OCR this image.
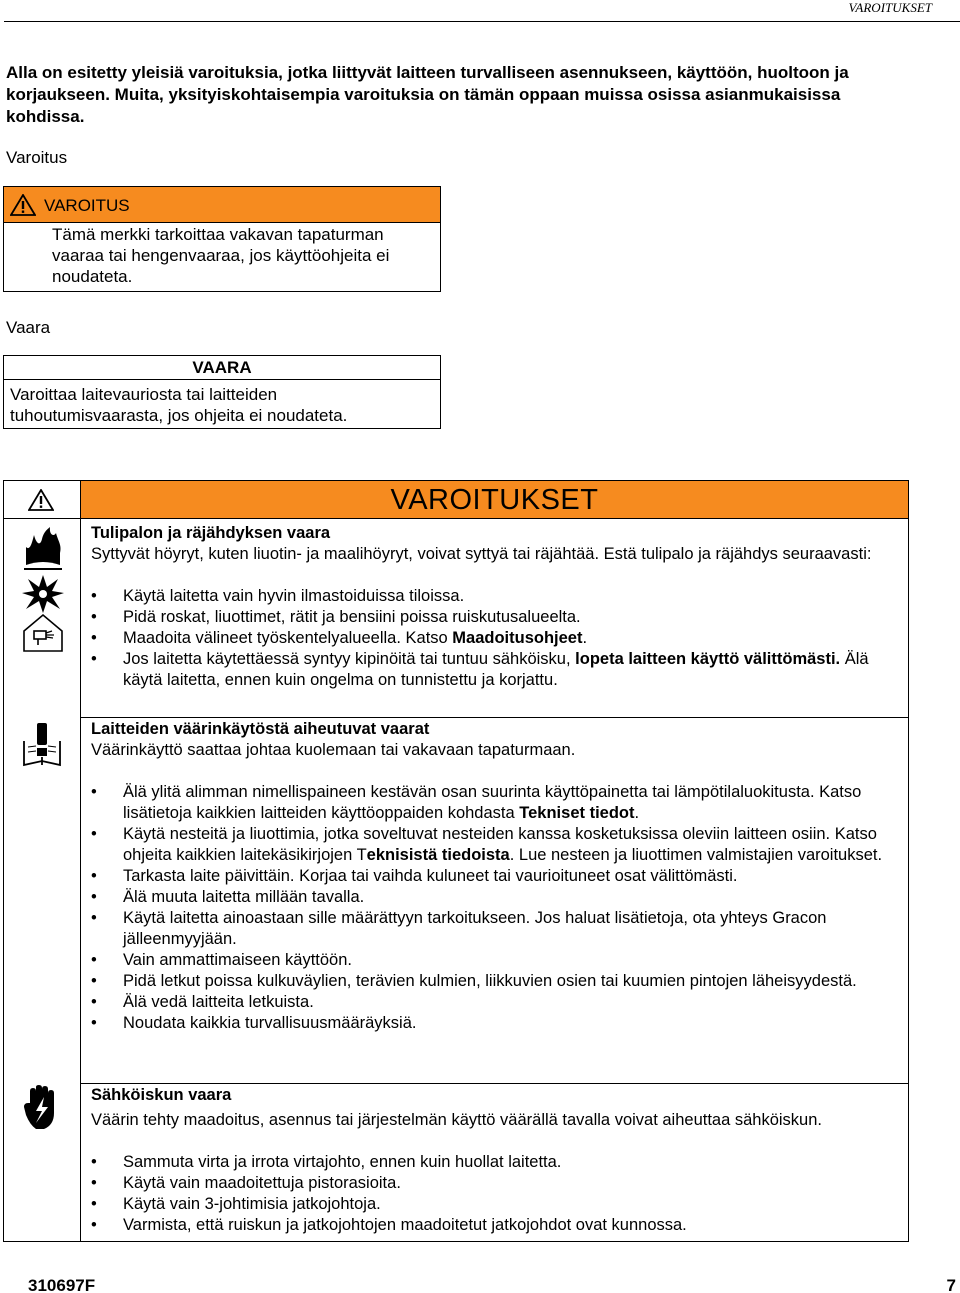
VAROITUKSET

Alla on esitetty yleisiä varoituksia, jotka liittyvät laitteen turvalliseen asennukseen, käyttöön, huoltoon ja korjaukseen. Muita, yksityiskohtaisempia varoituksia on tämän oppaan muissa osissa asianmukaisissa kohdissa.

Varoitus
VAROITUS
Tämä merkki tarkoittaa vakavan tapaturman vaaraa tai hengenvaaraa, jos käyttöohjeita ei noudateta.
Vaara
VAARA
Varoittaa laitevauriosta tai laitteiden tuhoutumisvaarasta, jos ohjeita ei noudateta.
VAROITUKSET
Tulipalon ja räjähdyksen vaara

Syttyvät höyryt, kuten liuotin- ja maalihöyryt, voivat syttyä tai räjähtää. Estä tulipalo ja räjähdys seuraavasti:

• Käytä laitetta vain hyvin ilmastoiduissa tiloissa.
• Pidä roskat, liuottimet, rätit ja bensiini poissa ruiskutusalueelta.
• Maadoita välineet työskentelyalueella. Katso Maadoitusohjeet.
• Jos laitetta käytettäessä syntyy kipinöitä tai tuntuu sähköisku, lopeta laitteen käyttö välittömästi. Älä käytä laitetta, ennen kuin ongelma on tunnistettu ja korjattu.
Laitteiden väärinkäytöstä aiheutuvat vaarat

Väärinkäyttö saattaa johtaa kuolemaan tai vakavaan tapaturmaan.

• Älä ylitä alimman nimellispaineen kestävän osan suurinta käyttöpainetta tai lämpötilaluokitusta. Katso lisätietoja kaikkien laitteiden käyttöoppaiden kohdasta Tekniset tiedot.
• Käytä nesteitä ja liuottimia, jotka soveltuvat nesteiden kanssa kosketuksissa oleviin laitteen osiin. Katso ohjeita kaikkien laitekäsikirjojen Teknisistä tiedoista. Lue nesteen ja liuottimen valmistajien varoitukset.
• Tarkasta laite päivittäin. Korjaa tai vaihda kuluneet tai vaurioituneet osat välittömästi.
• Älä muuta laitetta millään tavalla.
• Käytä laitetta ainoastaan sille määrättyyn tarkoitukseen. Jos haluat lisätietoja, ota yhteys Gracon jälleenmyyjään.
• Vain ammattimaiseen käyttöön.
• Pidä letkut poissa kulkuväylien, terävien kulmien, liikkuvien osien tai kuumien pintojen läheisyydestä.
• Älä vedä laitteita letkuista.
• Noudata kaikkia turvallisuusmääräyksiä.
Sähköiskun vaara

Väärin tehty maadoitus, asennus tai järjestelmän käyttö väärällä tavalla voivat aiheuttaa sähköiskun.

• Sammuta virta ja irrota virtajohto, ennen kuin huollat laitetta.
• Käytä vain maadoitettuja pistorasioita.
• Käytä vain 3-johtimisia jatkojohtoja.
• Varmista, että ruiskun ja jatkojohtojen maadoitetut jatkojohdot ovat kunnossa.
310697F	7
